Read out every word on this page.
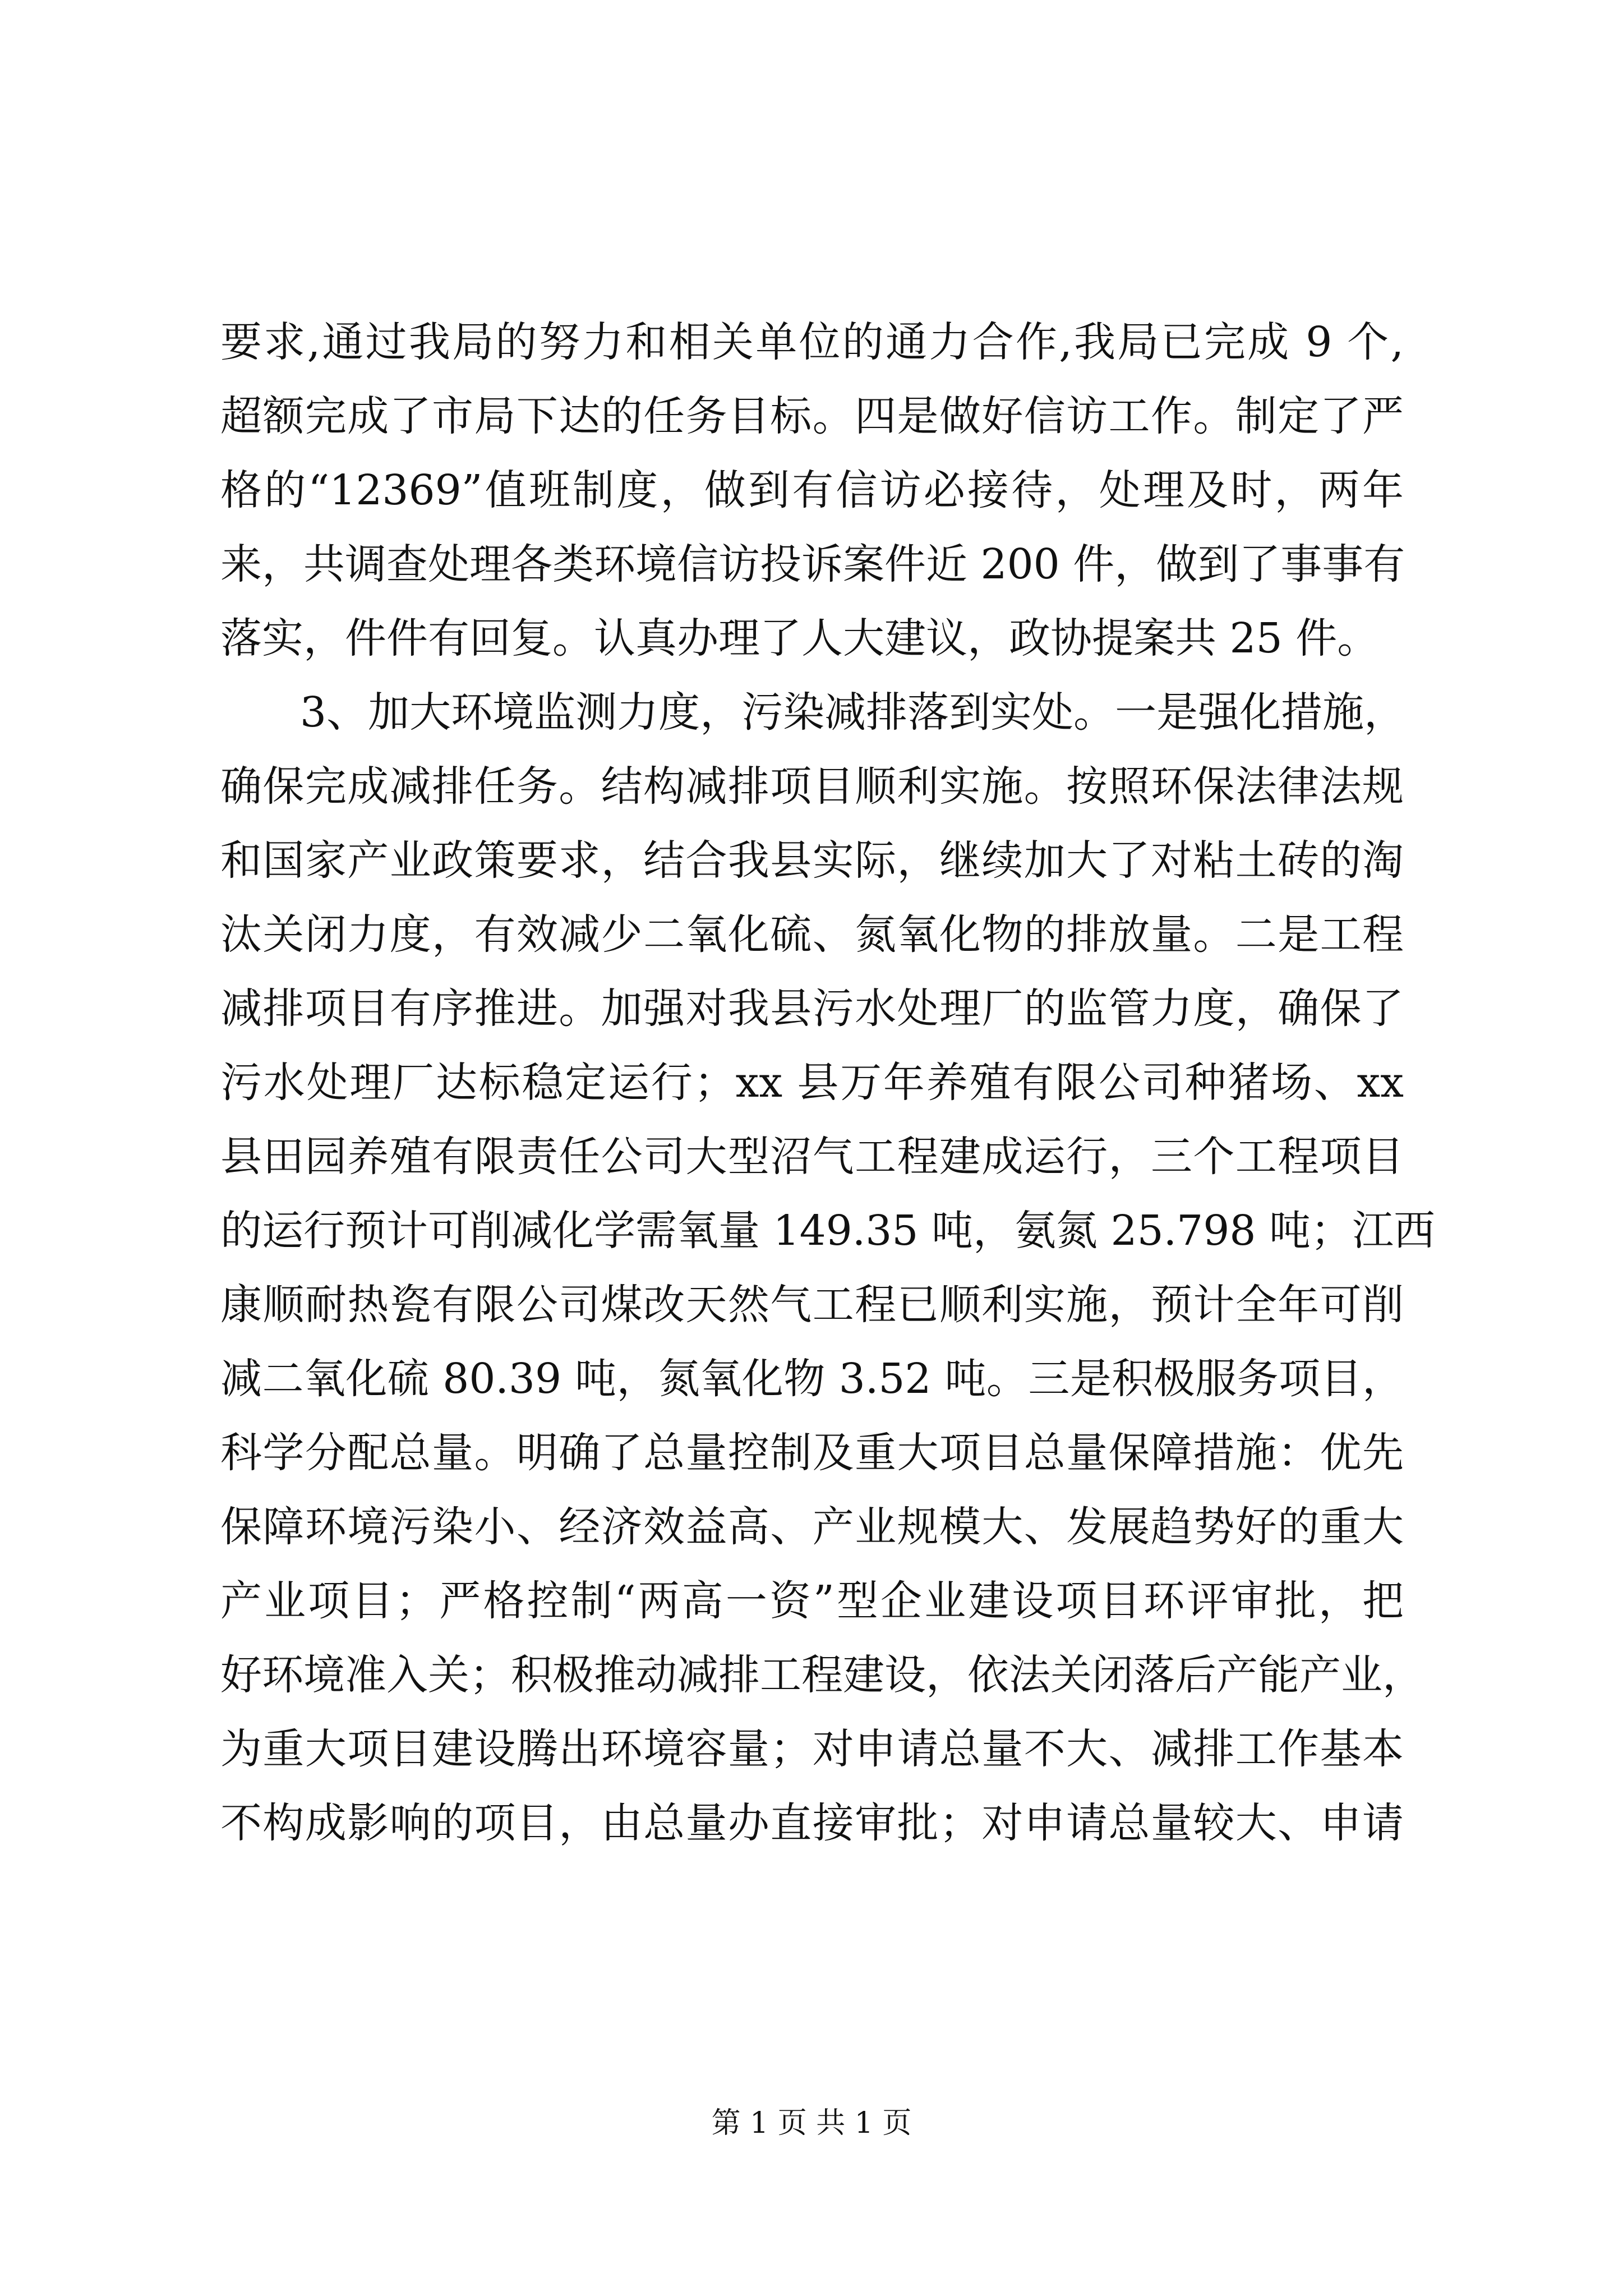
要求,通过我局的努力和相关单位的通力合作,我局已完成 9 个,
超额完成了市局下达的任务目标。四是做好信访工作。制定了严
格的“12369”值班制度，做到有信访必接待，处理及时，两年
来，共调查处理各类环境信访投诉案件近 200 件，做到了事事有
落实，件件有回复。认真办理了人大建议，政协提案共 25 件。
3、加大环境监测力度，污染减排落到实处。一是强化措施，
确保完成减排任务。结构减排项目顺利实施。按照环保法律法规
和国家产业政策要求，结合我县实际，继续加大了对粘土砖的淘
汰关闭力度，有效减少二氧化硫、氮氧化物的排放量。二是工程
减排项目有序推进。加强对我县污水处理厂的监管力度，确保了
污水处理厂达标稳定运行；xx 县万年养殖有限公司种猪场、xx
县田园养殖有限责任公司大型沼气工程建成运行，三个工程项目
的运行预计可削减化学需氧量 149.35 吨，氨氮 25.798 吨；江西
康顺耐热瓷有限公司煤改天然气工程已顺利实施，预计全年可削
减二氧化硫 80.39 吨，氮氧化物 3.52 吨。三是积极服务项目，
科学分配总量。明确了总量控制及重大项目总量保障措施：优先
保障环境污染小、经济效益高、产业规模大、发展趋势好的重大
产业项目；严格控制“两高一资”型企业建设项目环评审批，把
好环境准入关；积极推动减排工程建设，依法关闭落后产能产业，
为重大项目建设腾出环境容量；对申请总量不大、减排工作基本
不构成影响的项目，由总量办直接审批；对申请总量较大、申请
第 1 页 共 1 页
